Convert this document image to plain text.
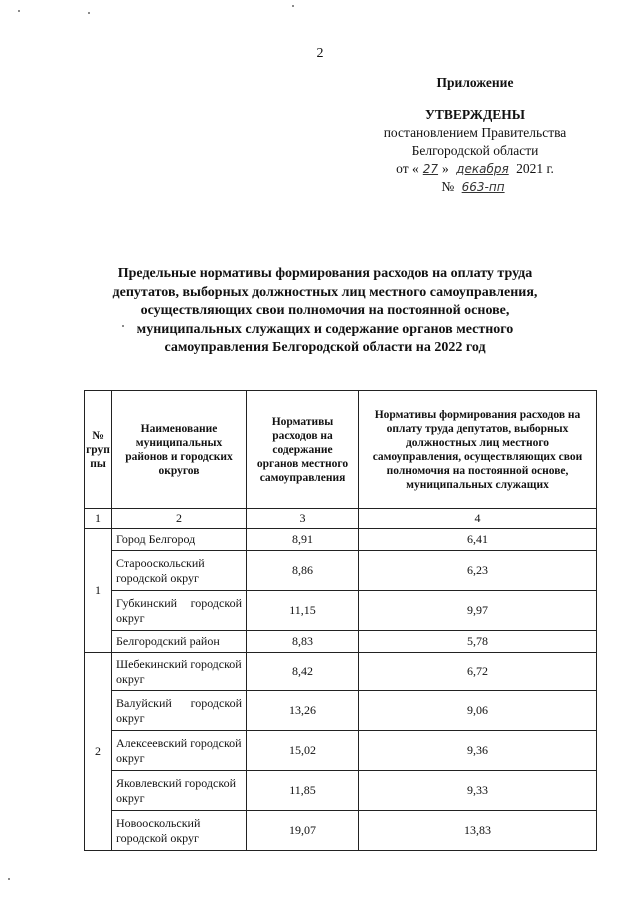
2
Приложение
УТВЕРЖДЕНЫ
постановлением Правительства
Белгородской области
от « 27 » декабря 2021 г.
№ 663-пп
Предельные нормативы формирования расходов на оплату труда
депутатов, выборных должностных лиц местного самоуправления,
осуществляющих свои полномочия на постоянной основе,
муниципальных служащих и содержание органов местного
самоуправления Белгородской области на 2022 год
№ груп пы	Наименование муниципальных районов и городских округов	Нормативы расходов на содержание органов местного самоуправления	Нормативы формирования расходов на оплату труда депутатов, выборных должностных лиц местного самоуправления, осуществляющих свои полномочия на постоянной основе, муниципальных служащих
1	2	3	4
1	Город Белгород	8,91	6,41
	Старооскольский городской округ	8,86	6,23
	Губкинский городской округ	11,15	9,97
	Белгородский район	8,83	5,78
2	Шебекинский городской округ	8,42	6,72
	Валуйский городской округ	13,26	9,06
	Алексеевский городской округ	15,02	9,36
	Яковлевский городской округ	11,85	9,33
	Новооскольский городской округ	19,07	13,83
